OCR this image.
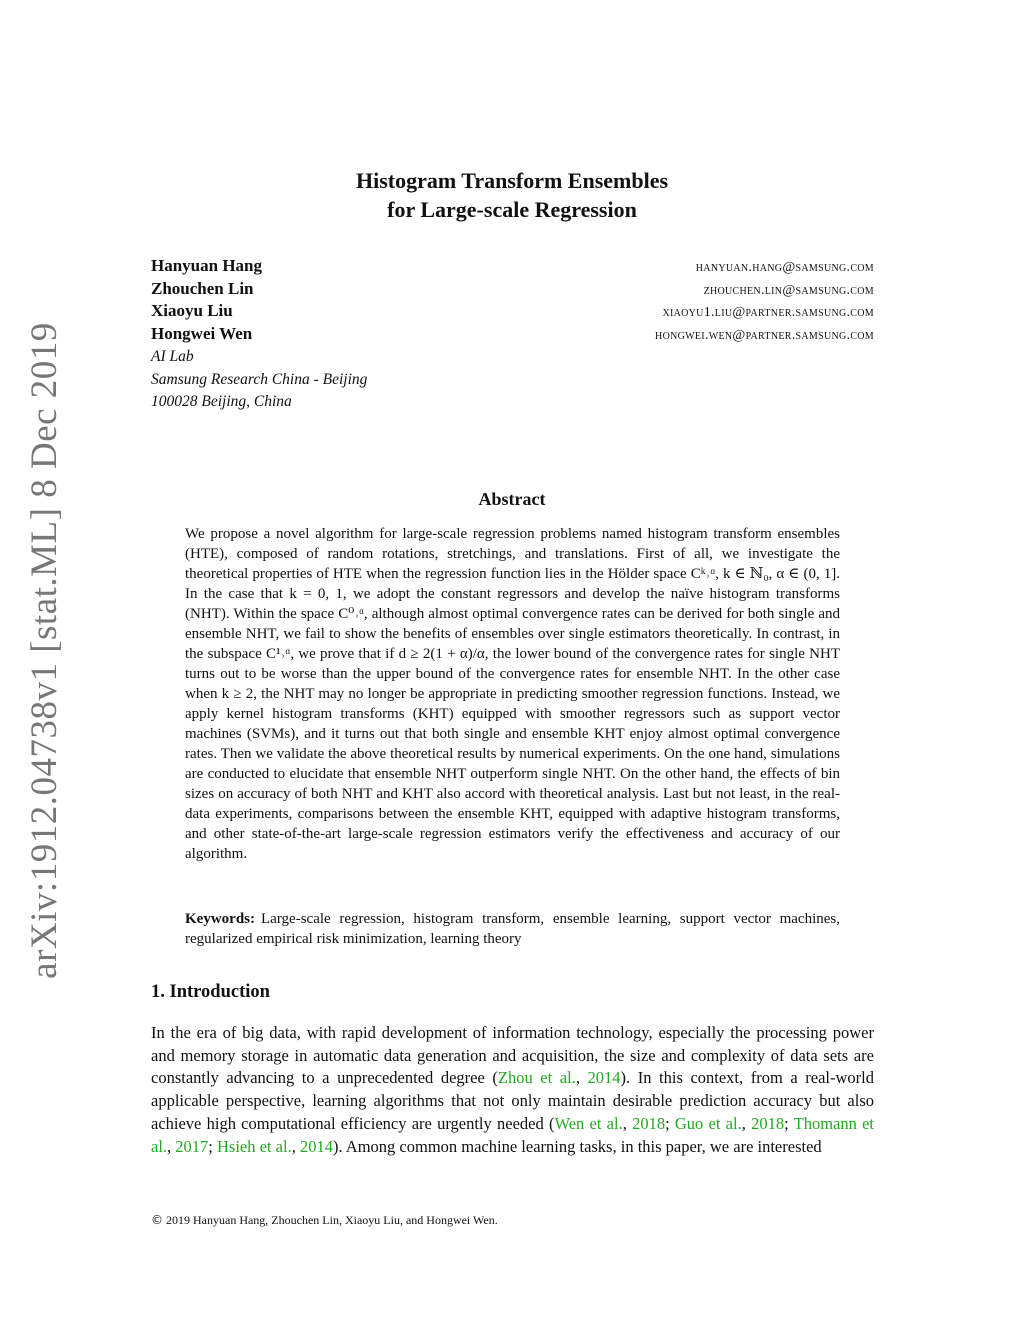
arXiv:1912.04738v1 [stat.ML] 8 Dec 2019
Histogram Transform Ensembles
for Large-scale Regression
Hanyuan Hang	hanyuan.hang@samsung.com
Zhouchen Lin	zhouchen.lin@samsung.com
Xiaoyu Liu	xiaoyu1.liu@partner.samsung.com
Hongwei Wen	hongwei.wen@partner.samsung.com
AI Lab
Samsung Research China - Beijing
100028 Beijing, China
Abstract
We propose a novel algorithm for large-scale regression problems named histogram transform ensembles (HTE), composed of random rotations, stretchings, and translations. First of all, we investigate the theoretical properties of HTE when the regression function lies in the Hölder space Cᵏ˒ᵅ, k ∈ ℕ₀, α ∈ (0, 1]. In the case that k = 0, 1, we adopt the constant regressors and develop the naïve histogram transforms (NHT). Within the space C⁰˒ᵅ, although almost optimal convergence rates can be derived for both single and ensemble NHT, we fail to show the benefits of ensembles over single estimators theoretically. In contrast, in the subspace C¹˒ᵅ, we prove that if d ≥ 2(1 + α)/α, the lower bound of the convergence rates for single NHT turns out to be worse than the upper bound of the convergence rates for ensemble NHT. In the other case when k ≥ 2, the NHT may no longer be appropriate in predicting smoother regression functions. Instead, we apply kernel histogram transforms (KHT) equipped with smoother regressors such as support vector machines (SVMs), and it turns out that both single and ensemble KHT enjoy almost optimal convergence rates. Then we validate the above theoretical results by numerical experiments. On the one hand, simulations are conducted to elucidate that ensemble NHT outperform single NHT. On the other hand, the effects of bin sizes on accuracy of both NHT and KHT also accord with theoretical analysis. Last but not least, in the real-data experiments, comparisons between the ensemble KHT, equipped with adaptive histogram transforms, and other state-of-the-art large-scale regression estimators verify the effectiveness and accuracy of our algorithm.
Keywords: Large-scale regression, histogram transform, ensemble learning, support vector machines, regularized empirical risk minimization, learning theory
1. Introduction
In the era of big data, with rapid development of information technology, especially the processing power and memory storage in automatic data generation and acquisition, the size and complexity of data sets are constantly advancing to a unprecedented degree (Zhou et al., 2014). In this context, from a real-world applicable perspective, learning algorithms that not only maintain desirable prediction accuracy but also achieve high computational efficiency are urgently needed (Wen et al., 2018; Guo et al., 2018; Thomann et al., 2017; Hsieh et al., 2014). Among common machine learning tasks, in this paper, we are interested
© 2019 Hanyuan Hang, Zhouchen Lin, Xiaoyu Liu, and Hongwei Wen.
